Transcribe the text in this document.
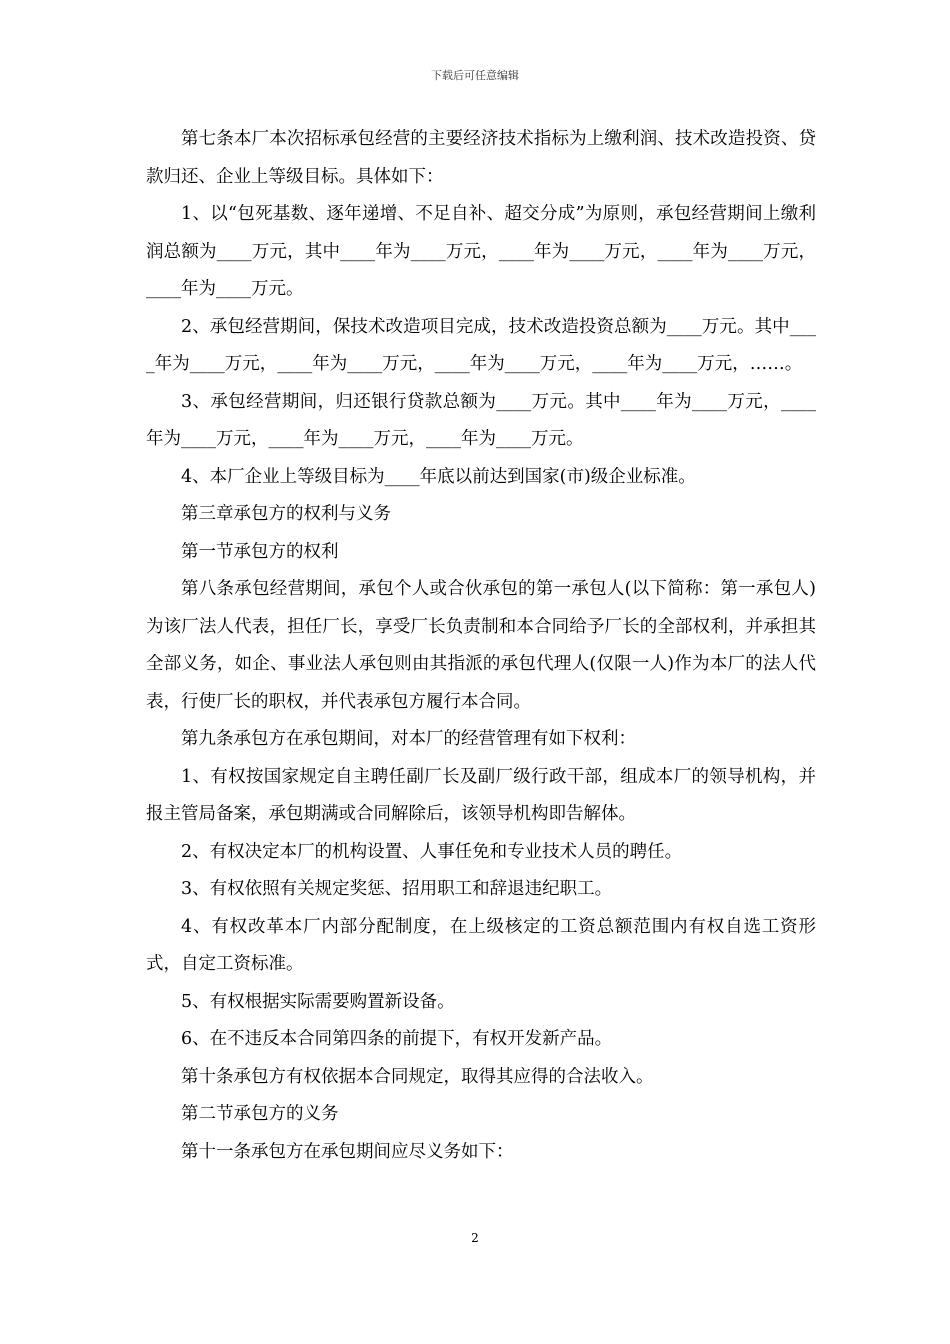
下载后可任意编辑

第七条本厂本次招标承包经营的主要经济技术指标为上缴利润、技术改造投资、贷款归还、企业上等级目标。具体如下：

1、以“包死基数、逐年递增、不足自补、超交分成”为原则，承包经营期间上缴利润总额为____万元，其中____年为____万元，____年为____万元，____年为____万元，____年为____万元。

2、承包经营期间，保技术改造项目完成，技术改造投资总额为____万元。其中____年为____万元，____年为____万元，____年为____万元，____年为____万元，……。

3、承包经营期间，归还银行贷款总额为____万元。其中____年为____万元，____年为____万元，____年为____万元，____年为____万元。

4、本厂企业上等级目标为____年底以前达到国家(市)级企业标准。

第三章承包方的权利与义务

第一节承包方的权利

第八条承包经营期间，承包个人或合伙承包的第一承包人(以下简称：第一承包人)为该厂法人代表，担任厂长，享受厂长负责制和本合同给予厂长的全部权利，并承担其全部义务，如企、事业法人承包则由其指派的承包代理人(仅限一人)作为本厂的法人代表，行使厂长的职权，并代表承包方履行本合同。

第九条承包方在承包期间，对本厂的经营管理有如下权利：

1、有权按国家规定自主聘任副厂长及副厂级行政干部，组成本厂的领导机构，并报主管局备案，承包期满或合同解除后，该领导机构即告解体。

2、有权决定本厂的机构设置、人事任免和专业技术人员的聘任。

3、有权依照有关规定奖惩、招用职工和辞退违纪职工。

4、有权改革本厂内部分配制度，在上级核定的工资总额范围内有权自选工资形式，自定工资标准。

5、有权根据实际需要购置新设备。

6、在不违反本合同第四条的前提下，有权开发新产品。

第十条承包方有权依据本合同规定，取得其应得的合法收入。

第二节承包方的义务

第十一条承包方在承包期间应尽义务如下：

2
